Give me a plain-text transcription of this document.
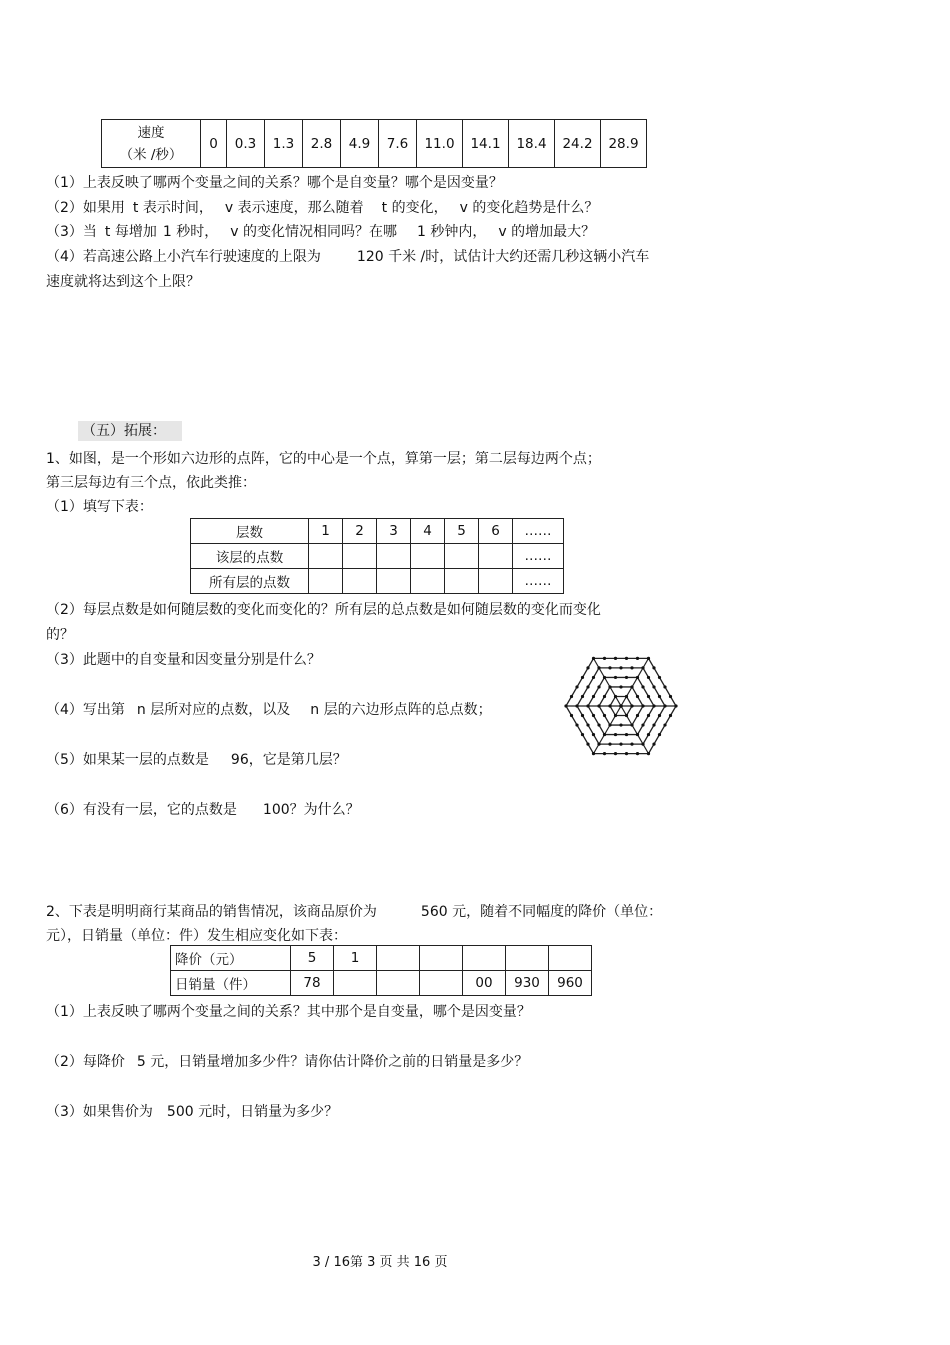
速度
（米 /秒）
	0	0.3	1.3	2.8	4.9	7.6	11.0	14.1	18.4	24.2	28.9
（1）上表反映了哪两个变量之间的关系？哪个是自变量？哪个是因变量？
（2）如果用 t 表示时间， v 表示速度，那么随着 t 的变化， v 的变化趋势是什么？
（3）当 t 每增加 1 秒时， v 的变化情况相同吗？在哪 1 秒钟内， v 的增加最大？
（4）若高速公路上小汽车行驶速度的上限为	120 千米 /时，试估计大约还需几秒这辆小汽车
速度就将达到这个上限？
（五）拓展：
1、如图，是一个形如六边形的点阵，它的中心是一个点，算第一层；第二层每边两个点；
第三层每边有三个点，依此类推：
（1）填写下表：
层数	1	2	3	4	5	6	……
该层的点数							……
所有层的点数							……
（2）每层点数是如何随层数的变化而变化的？所有层的总点数是如何随层数的变化而变化
的？
（3）此题中的自变量和因变量分别是什么？
（4）写出第 n 层所对应的点数，以及 n 层的六边形点阵的总点数；
（5）如果某一层的点数是 96，它是第几层？
（6）有没有一层，它的点数是 100？为什么？
2、下表是明明商行某商品的销售情况，该商品原价为	560 元，随着不同幅度的降价（单位：
元），日销量（单位：件）发生相应变化如下表：
降价（元）	5	1					
日销量（件）	78				00	930	960
（1）上表反映了哪两个变量之间的关系？其中那个是自变量，哪个是因变量？
（2）每降价 5 元，日销量增加多少件？请你估计降价之前的日销量是多少？
（3）如果售价为 500 元时，日销量为多少？
3 / 16第 3 页 共 16 页
